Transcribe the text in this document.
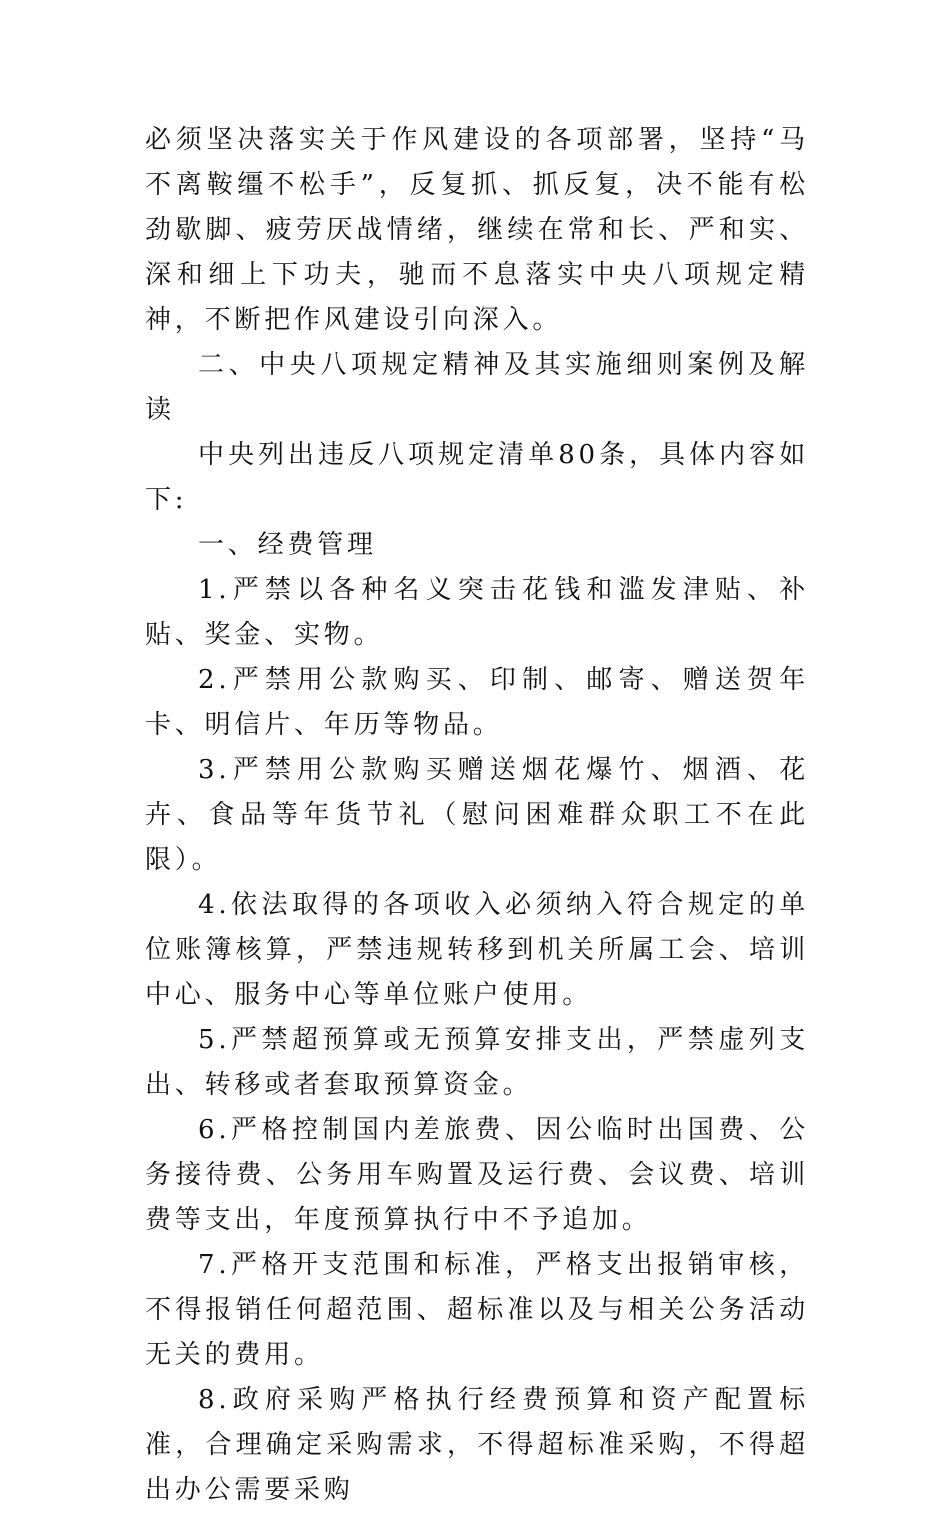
必须坚决落实关于作风建设的各项部署，坚持“马不离鞍缰不松手”，反复抓、抓反复，决不能有松劲歇脚、疲劳厌战情绪，继续在常和长、严和实、深和细上下功夫，驰而不息落实中央八项规定精神，不断把作风建设引向深入。

二、中央八项规定精神及其实施细则案例及解读

中央列出违反八项规定清单80条，具体内容如下:

一、经费管理

1.严禁以各种名义突击花钱和滥发津贴、补贴、奖金、实物。

2.严禁用公款购买、印制、邮寄、赠送贺年卡、明信片、年历等物品。

3.严禁用公款购买赠送烟花爆竹、烟酒、花卉、食品等年货节礼（慰问困难群众职工不在此限）。

4.依法取得的各项收入必须纳入符合规定的单位账簿核算，严禁违规转移到机关所属工会、培训中心、服务中心等单位账户使用。

5.严禁超预算或无预算安排支出，严禁虚列支出、转移或者套取预算资金。

6.严格控制国内差旅费、因公临时出国费、公务接待费、公务用车购置及运行费、会议费、培训费等支出，年度预算执行中不予追加。

7.严格开支范围和标准，严格支出报销审核，不得报销任何超范围、超标准以及与相关公务活动无关的费用。

8.政府采购严格执行经费预算和资产配置标准，合理确定采购需求，不得超标准采购，不得超出办公需要采购
